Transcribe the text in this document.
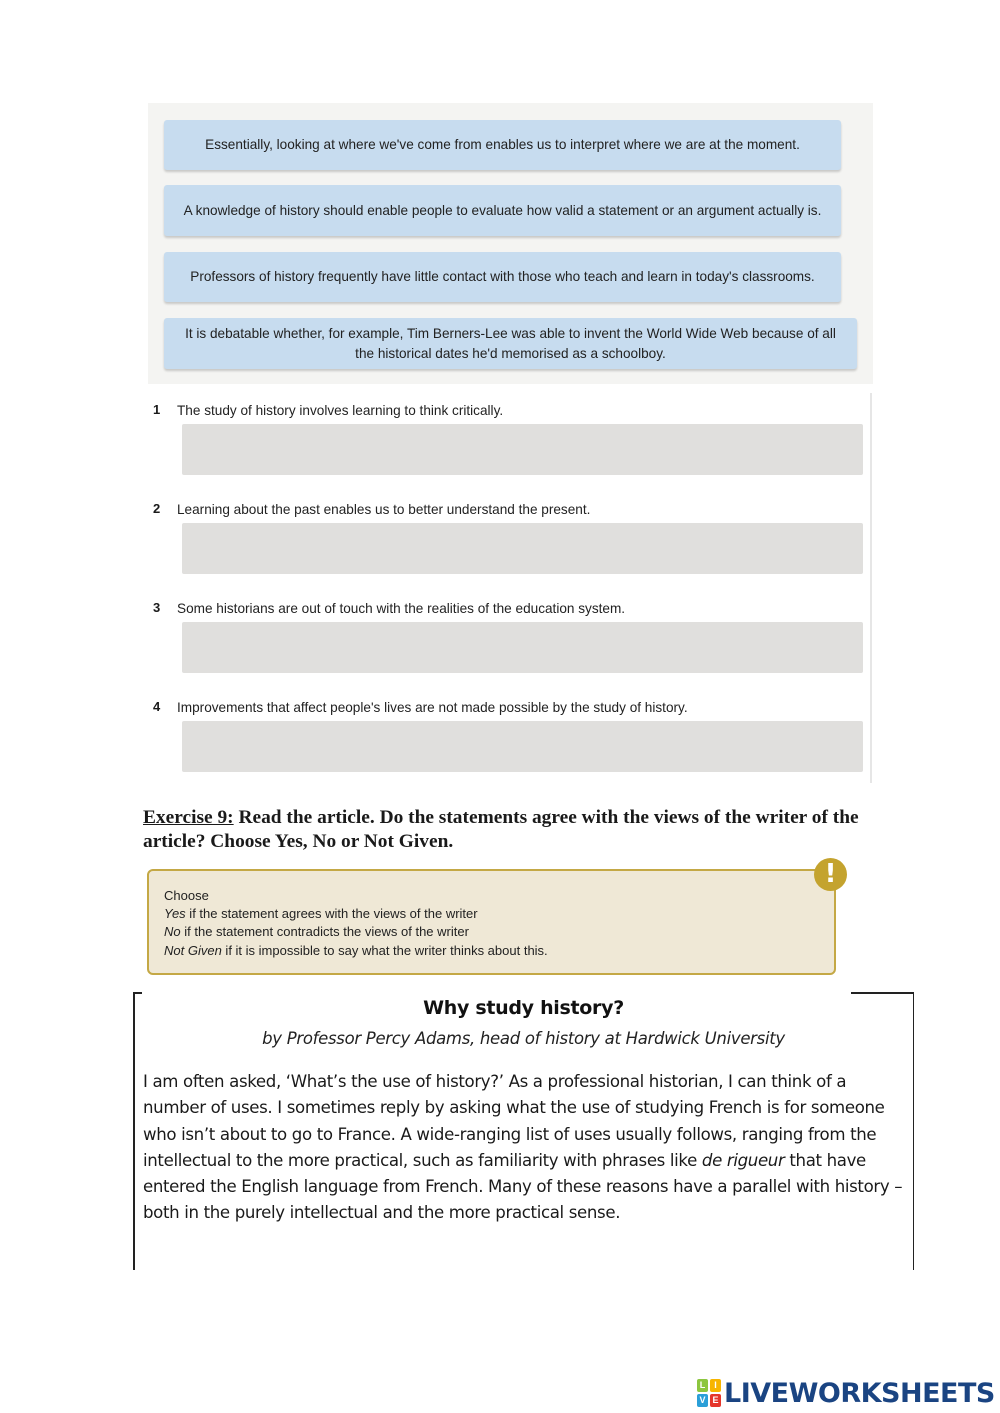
Essentially, looking at where we've come from enables us to interpret where we are at the moment.
A knowledge of history should enable people to evaluate how valid a statement or an argument actually is.
Professors of history frequently have little contact with those who teach and learn in today's classrooms.
It is debatable whether, for example, Tim Berners-Lee was able to invent the World Wide Web because of all the historical dates he'd memorised as a schoolboy.
1 The study of history involves learning to think critically.
2 Learning about the past enables us to better understand the present.
3 Some historians are out of touch with the realities of the education system.
4 Improvements that affect people's lives are not made possible by the study of history.
Exercise 9: Read the article. Do the statements agree with the views of the writer of the article? Choose Yes, No or Not Given.
Choose
Yes if the statement agrees with the views of the writer
No if the statement contradicts the views of the writer
Not Given if it is impossible to say what the writer thinks about this.
!
Why study history?
by Professor Percy Adams, head of history at Hardwick University
I am often asked, ‘What’s the use of history?’ As a professional historian, I can think of a number of uses. I sometimes reply by asking what the use of studying French is for someone who isn’t about to go to France. A wide-ranging list of uses usually follows, ranging from the intellectual to the more practical, such as familiarity with phrases like de rigueur that have entered the English language from French. Many of these reasons have a parallel with history – both in the purely intellectual and the more practical sense.
L I
V E LIVEWORKSHEETS
